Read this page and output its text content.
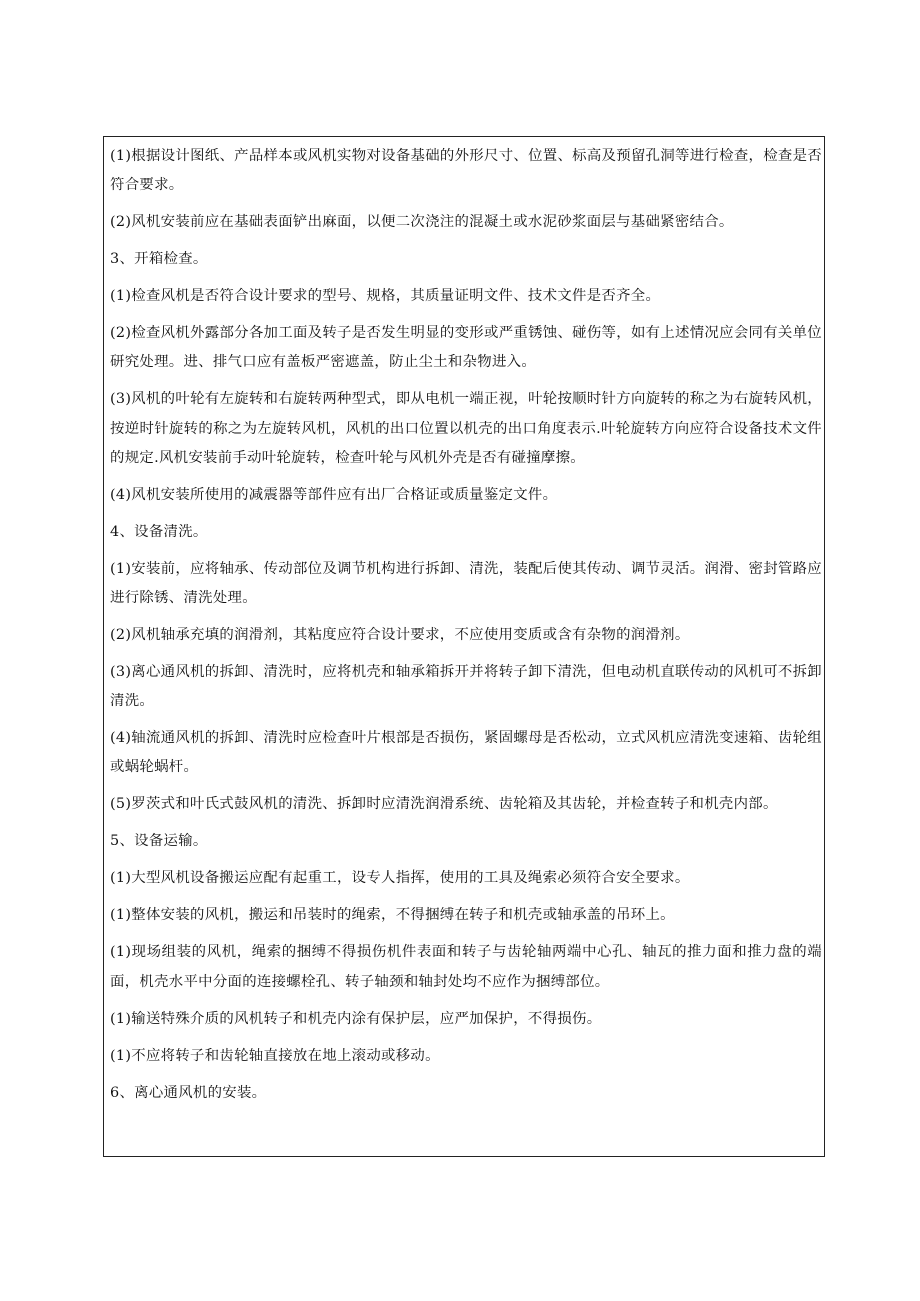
(1)根据设计图纸、产品样本或风机实物对设备基础的外形尺寸、位置、标高及预留孔洞等进行检查，检查是否符合要求。

(2)风机安装前应在基础表面铲出麻面，以便二次浇注的混凝土或水泥砂浆面层与基础紧密结合。

3、开箱检查。

(1)检查风机是否符合设计要求的型号、规格，其质量证明文件、技术文件是否齐全。

(2)检查风机外露部分各加工面及转子是否发生明显的变形或严重锈蚀、碰伤等，如有上述情况应会同有关单位研究处理。进、排气口应有盖板严密遮盖，防止尘土和杂物进入。

(3)风机的叶轮有左旋转和右旋转两种型式，即从电机一端正视，叶轮按顺时针方向旋转的称之为右旋转风机，按逆时针旋转的称之为左旋转风机，风机的出口位置以机壳的出口角度表示.叶轮旋转方向应符合设备技术文件的规定.风机安装前手动叶轮旋转，检查叶轮与风机外壳是否有碰撞摩擦。

(4)风机安装所使用的减震器等部件应有出厂合格证或质量鉴定文件。

4、设备清洗。

(1)安装前，应将轴承、传动部位及调节机构进行拆卸、清洗，装配后使其传动、调节灵活。润滑、密封管路应进行除锈、清洗处理。

(2)风机轴承充填的润滑剂，其粘度应符合设计要求，不应使用变质或含有杂物的润滑剂。

(3)离心通风机的拆卸、清洗时，应将机壳和轴承箱拆开并将转子卸下清洗，但电动机直联传动的风机可不拆卸清洗。

(4)轴流通风机的拆卸、清洗时应检查叶片根部是否损伤，紧固螺母是否松动，立式风机应清洗变速箱、齿轮组或蜗轮蜗杆。

(5)罗茨式和叶氏式鼓风机的清洗、拆卸时应清洗润滑系统、齿轮箱及其齿轮，并检查转子和机壳内部。

5、设备运输。

(1)大型风机设备搬运应配有起重工，设专人指挥，使用的工具及绳索必须符合安全要求。

(1)整体安装的风机，搬运和吊装时的绳索，不得捆缚在转子和机壳或轴承盖的吊环上。

(1)现场组装的风机，绳索的捆缚不得损伤机件表面和转子与齿轮轴两端中心孔、轴瓦的推力面和推力盘的端面，机壳水平中分面的连接螺栓孔、转子轴颈和轴封处均不应作为捆缚部位。

(1)输送特殊介质的风机转子和机壳内涂有保护层，应严加保护，不得损伤。

(1)不应将转子和齿轮轴直接放在地上滚动或移动。

6、离心通风机的安装。
